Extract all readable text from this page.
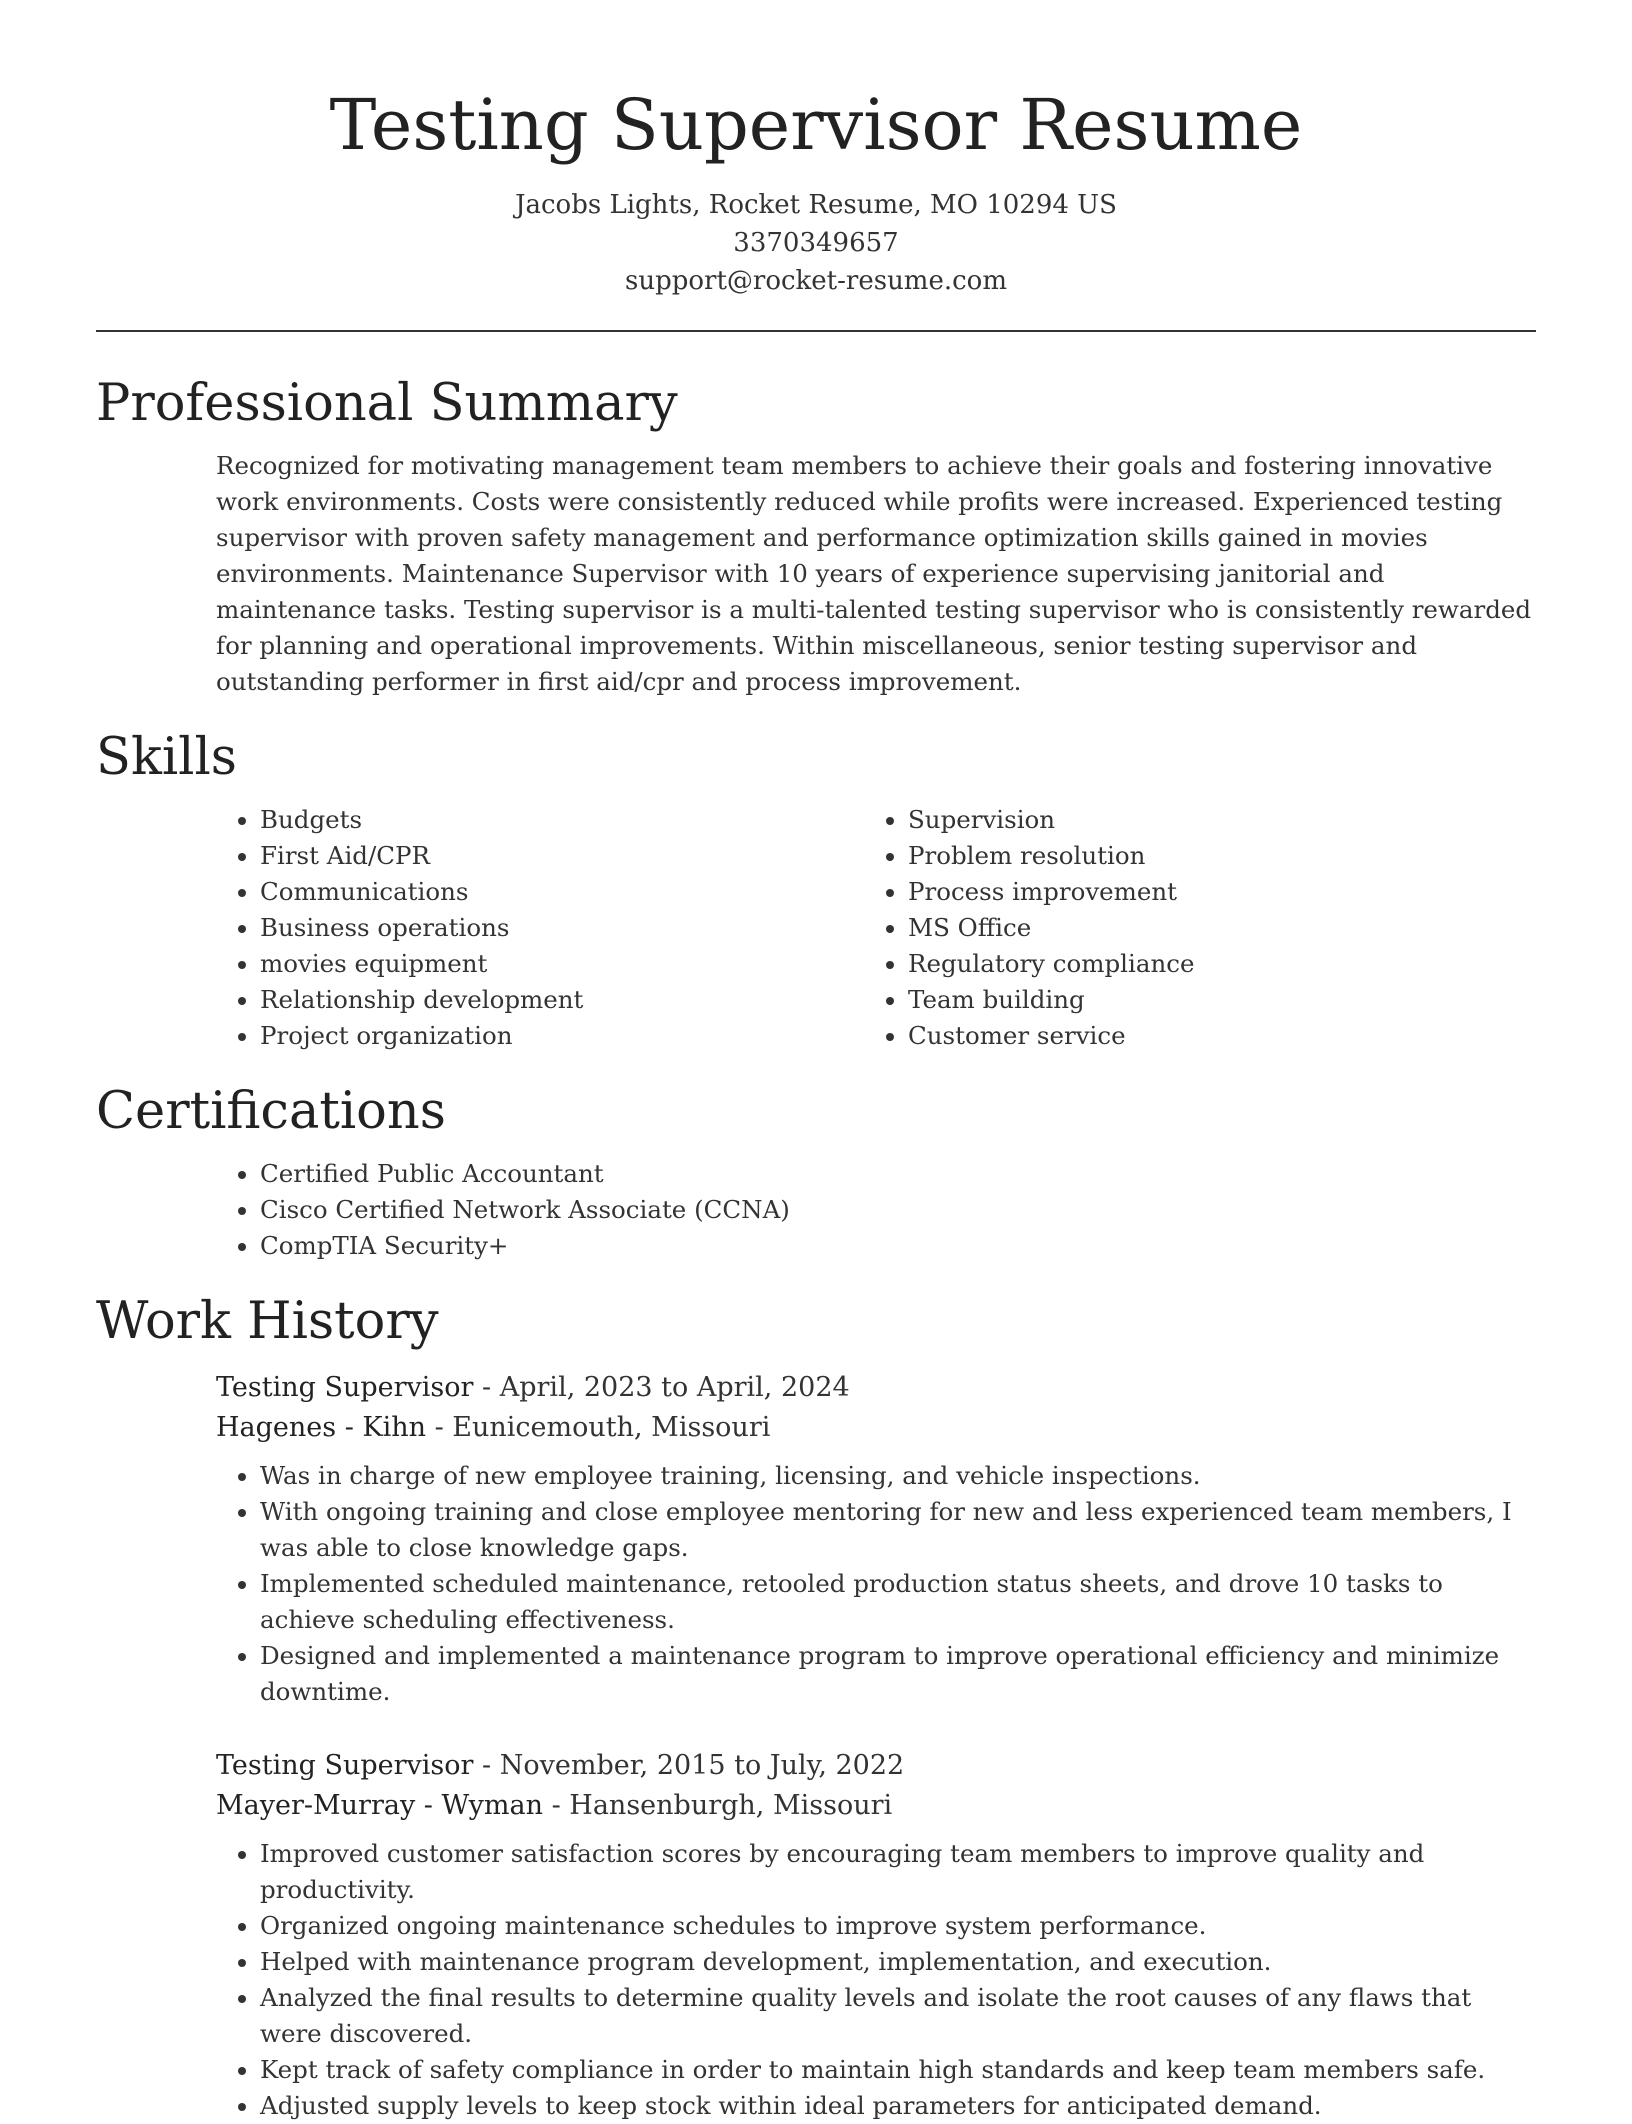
Testing Supervisor Resume
Jacobs Lights, Rocket Resume, MO 10294 US
3370349657
support@rocket-resume.com
Professional Summary

Recognized for motivating management team members to achieve their goals and fostering innovative work environments. Costs were consistently reduced while profits were increased. Experienced testing supervisor with proven safety management and performance optimization skills gained in movies environments. Maintenance Supervisor with 10 years of experience supervising janitorial and maintenance tasks. Testing supervisor is a multi-talented testing supervisor who is consistently rewarded for planning and operational improvements. Within miscellaneous, senior testing supervisor and outstanding performer in first aid/cpr and process improvement.

Skills
• Budgets
• First Aid/CPR
• Communications
• Business operations
• movies equipment
• Relationship development
• Project organization
• Supervision
• Problem resolution
• Process improvement
• MS Office
• Regulatory compliance
• Team building
• Customer service
Certifications
• Certified Public Accountant
• Cisco Certified Network Associate (CCNA)
• CompTIA Security+
Work History
Testing Supervisor - April, 2023 to April, 2024
Hagenes - Kihn - Eunicemouth, Missouri
• Was in charge of new employee training, licensing, and vehicle inspections.
• With ongoing training and close employee mentoring for new and less experienced team members, I was able to close knowledge gaps.
• Implemented scheduled maintenance, retooled production status sheets, and drove 10 tasks to achieve scheduling effectiveness.
• Designed and implemented a maintenance program to improve operational efficiency and minimize downtime.
Testing Supervisor - November, 2015 to July, 2022
Mayer-Murray - Wyman - Hansenburgh, Missouri
• Improved customer satisfaction scores by encouraging team members to improve quality and productivity.
• Organized ongoing maintenance schedules to improve system performance.
• Helped with maintenance program development, implementation, and execution.
• Analyzed the final results to determine quality levels and isolate the root causes of any flaws that were discovered.
• Kept track of safety compliance in order to maintain high standards and keep team members safe.
• Adjusted supply levels to keep stock within ideal parameters for anticipated demand.
